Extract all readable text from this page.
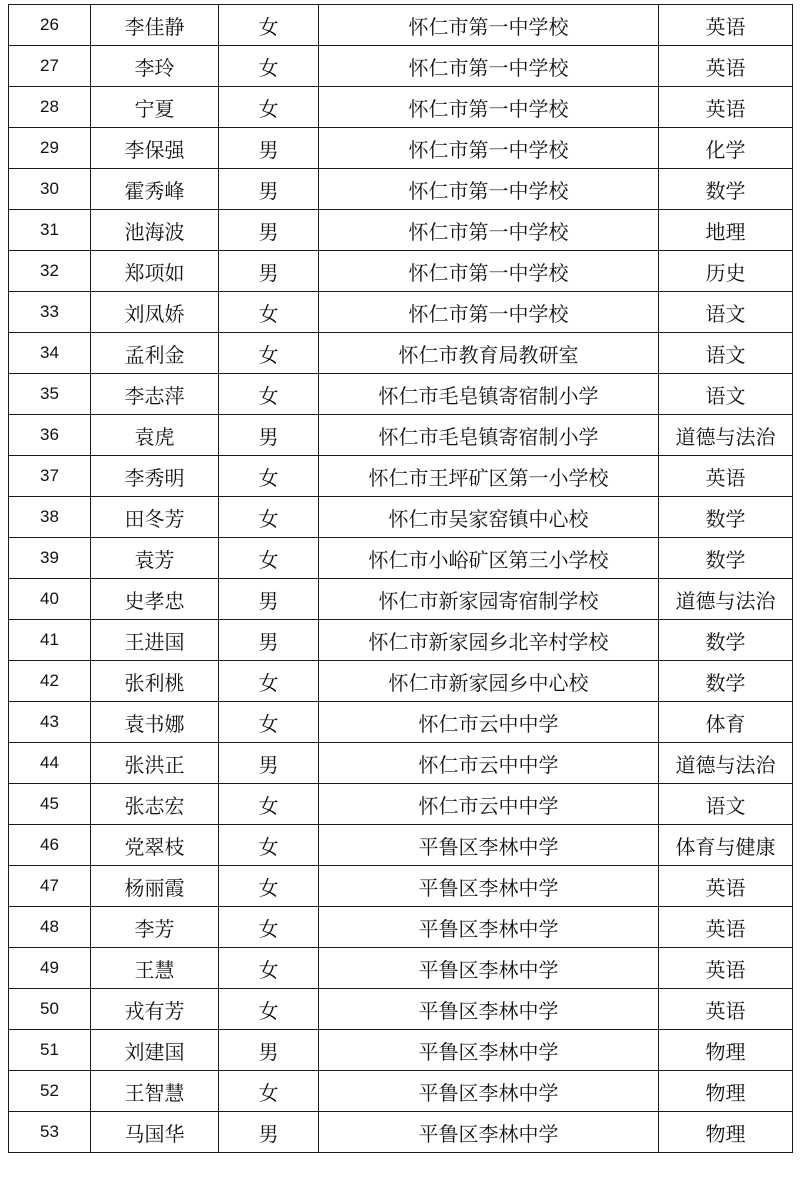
26	李佳静	女	怀仁市第一中学校	英语
27	李玲	女	怀仁市第一中学校	英语
28	宁夏	女	怀仁市第一中学校	英语
29	李保强	男	怀仁市第一中学校	化学
30	霍秀峰	男	怀仁市第一中学校	数学
31	池海波	男	怀仁市第一中学校	地理
32	郑项如	男	怀仁市第一中学校	历史
33	刘凤娇	女	怀仁市第一中学校	语文
34	孟利金	女	怀仁市教育局教研室	语文
35	李志萍	女	怀仁市毛皂镇寄宿制小学	语文
36	袁虎	男	怀仁市毛皂镇寄宿制小学	道德与法治
37	李秀明	女	怀仁市王坪矿区第一小学校	英语
38	田冬芳	女	怀仁市吴家窑镇中心校	数学
39	袁芳	女	怀仁市小峪矿区第三小学校	数学
40	史孝忠	男	怀仁市新家园寄宿制学校	道德与法治
41	王进国	男	怀仁市新家园乡北辛村学校	数学
42	张利桃	女	怀仁市新家园乡中心校	数学
43	袁书娜	女	怀仁市云中中学	体育
44	张洪正	男	怀仁市云中中学	道德与法治
45	张志宏	女	怀仁市云中中学	语文
46	党翠枝	女	平鲁区李林中学	体育与健康
47	杨丽霞	女	平鲁区李林中学	英语
48	李芳	女	平鲁区李林中学	英语
49	王慧	女	平鲁区李林中学	英语
50	戎有芳	女	平鲁区李林中学	英语
51	刘建国	男	平鲁区李林中学	物理
52	王智慧	女	平鲁区李林中学	物理
53	马国华	男	平鲁区李林中学	物理
